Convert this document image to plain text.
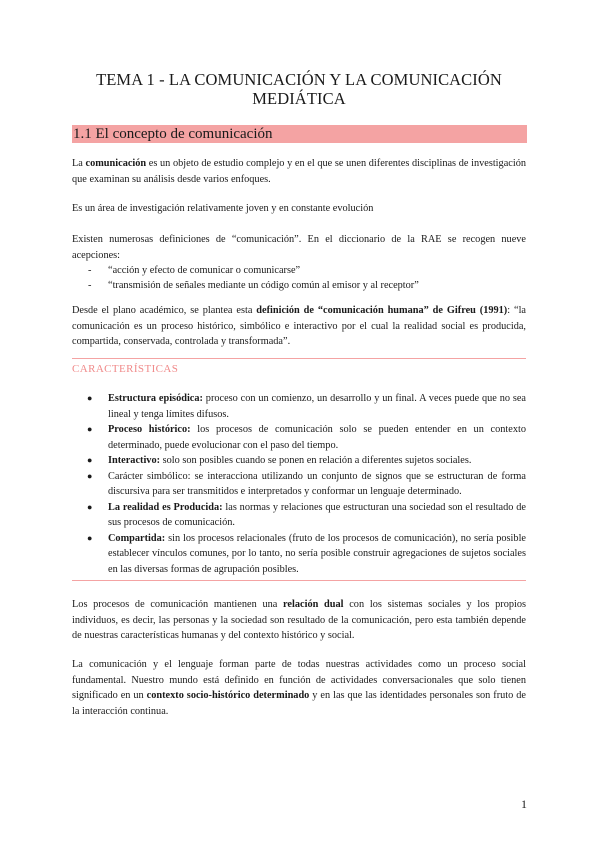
TEMA 1 - LA COMUNICACIÓN Y LA COMUNICACIÓN
MEDIÁTICA
1.1 El concepto de comunicación
La comunicación es un objeto de estudio complejo y en el que se unen diferentes disciplinas de investigación que examinan su análisis desde varios enfoques.
Es un área de investigación relativamente joven y en constante evolución
Existen numerosas definiciones de “comunicación”. En el diccionario de la RAE se recogen nueve acepciones:
- “acción y efecto de comunicar o comunicarse”
- “transmisión de señales mediante un código común al emisor y al receptor”
Desde el plano académico, se plantea esta definición de “comunicación humana” de Gifreu (1991): “la comunicación es un proceso histórico, simbólico e interactivo por el cual la realidad social es producida, compartida, conservada, controlada y transformada”.
CARACTERÍSTICAS
● Estructura episódica: proceso con un comienzo, un desarrollo y un final. A veces puede que no sea lineal y tenga límites difusos.
● Proceso histórico: los procesos de comunicación solo se pueden entender en un contexto determinado, puede evolucionar con el paso del tiempo.
● Interactivo: solo son posibles cuando se ponen en relación a diferentes sujetos sociales.
● Carácter simbólico: se interacciona utilizando un conjunto de signos que se estructuran de forma discursiva para ser transmitidos e interpretados y conformar un lenguaje determinado.
● La realidad es Producida: las normas y relaciones que estructuran una sociedad son el resultado de sus procesos de comunicación.
● Compartida: sin los procesos relacionales (fruto de los procesos de comunicación), no sería posible establecer vínculos comunes, por lo tanto, no sería posible construir agregaciones de sujetos sociales en las diversas formas de agrupación posibles.
Los procesos de comunicación mantienen una relación dual con los sistemas sociales y los propios individuos, es decir, las personas y la sociedad son resultado de la comunicación, pero esta también depende de nuestras características humanas y del contexto histórico y social.
La comunicación y el lenguaje forman parte de todas nuestras actividades como un proceso social fundamental. Nuestro mundo está definido en función de actividades conversacionales que solo tienen significado en un contexto socio-histórico determinado y en las que las identidades personales son fruto de la interacción continua.
1
